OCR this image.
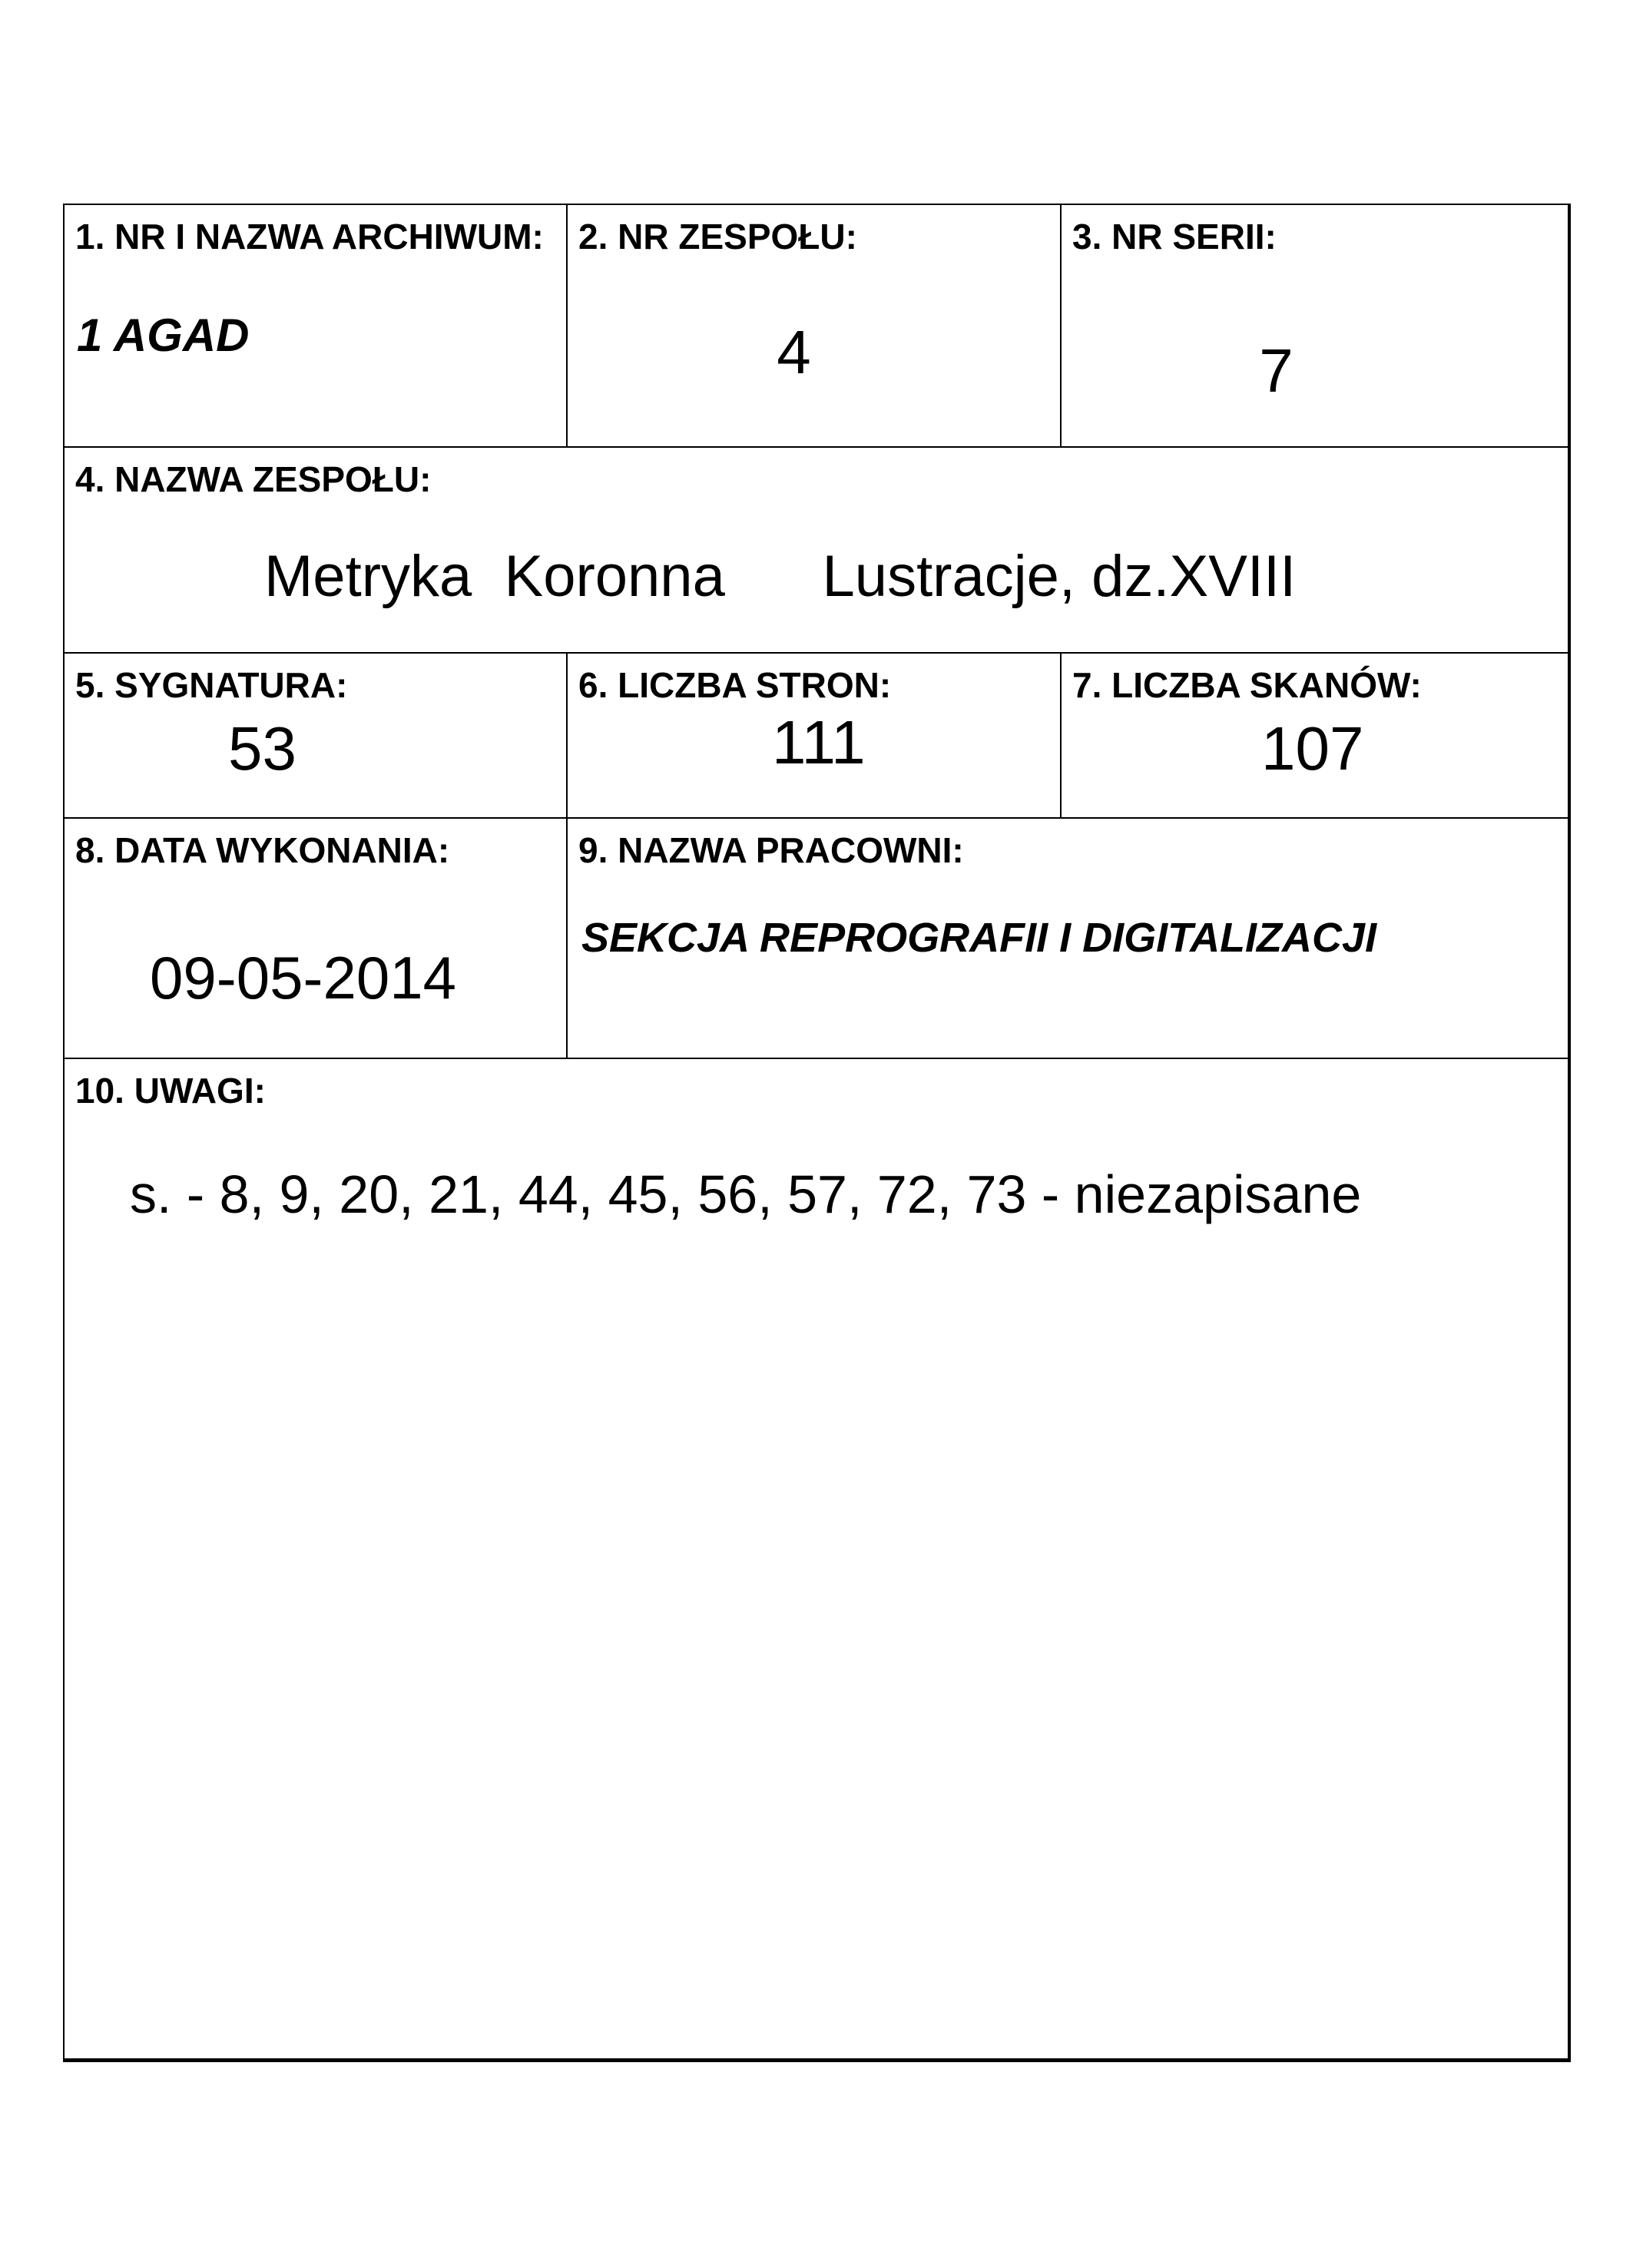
1. NR I NAZWA ARCHIWUM:
1 AGAD
2. NR ZESPOŁU:
4
3. NR SERII:
7
4. NAZWA ZESPOŁU:
Metryka  Koronna      Lustracje, dz.XVIII
5. SYGNATURA:
53
6. LICZBA STRON:
111
7. LICZBA SKANÓW:
107
8. DATA WYKONANIA:
09-05-2014
9. NAZWA PRACOWNI:
SEKCJA REPROGRAFII I DIGITALIZACJI
10. UWAGI:
s. - 8, 9, 20, 21, 44, 45, 56, 57, 72, 73 - niezapisane
